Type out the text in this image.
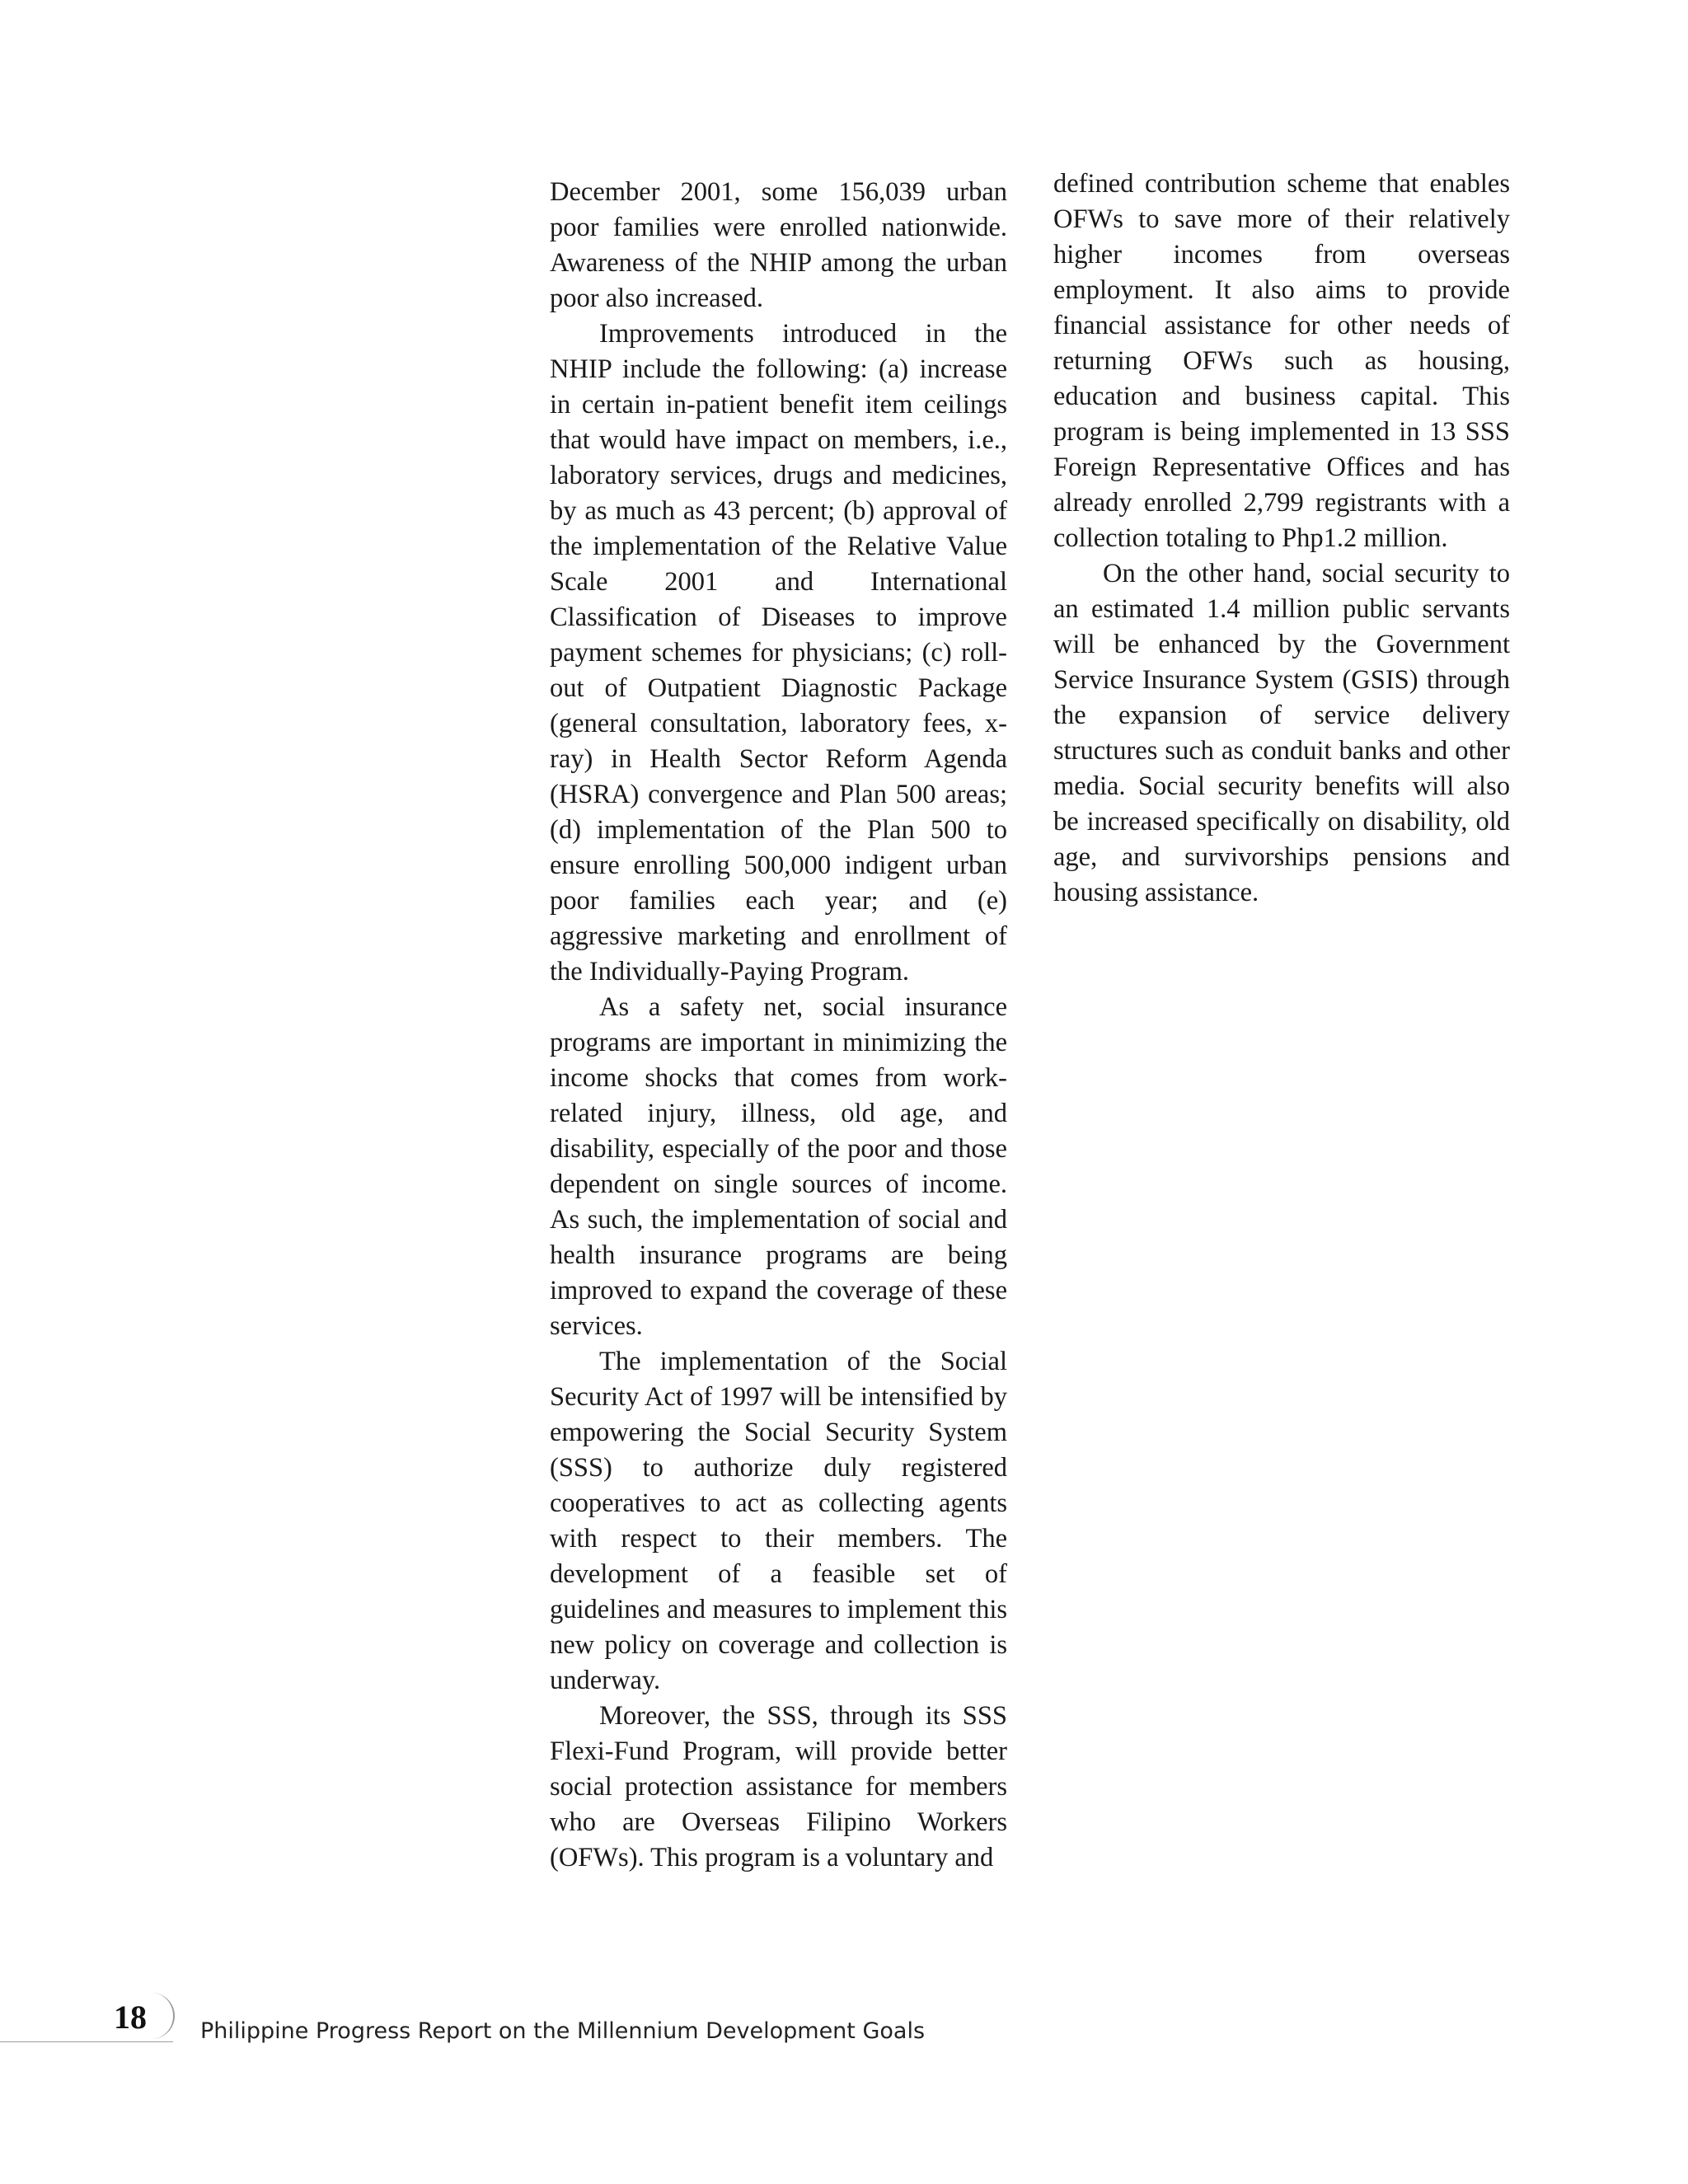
December 2001, some 156,039 urban poor families were enrolled nationwide. Awareness of the NHIP among the urban poor also increased.

Improvements introduced in the NHIP include the following: (a) increase in certain in-patient benefit item ceilings that would have impact on members, i.e., laboratory services, drugs and medicines, by as much as 43 percent; (b) approval of the implementation of the Relative Value Scale 2001 and International Classification of Diseases to improve payment schemes for physicians; (c) roll-out of Outpatient Diagnostic Package (general consultation, laboratory fees, x-ray) in Health Sector Reform Agenda (HSRA) convergence and Plan 500 areas; (d) implementation of the Plan 500 to ensure enrolling 500,000 indigent urban poor families each year; and (e) aggressive marketing and enrollment of the Individually-Paying Program.

As a safety net, social insurance programs are important in minimizing the income shocks that comes from work-related injury, illness, old age, and disability, especially of the poor and those dependent on single sources of income. As such, the implementation of social and health insurance programs are being improved to expand the coverage of these services.

The implementation of the Social Security Act of 1997 will be intensified by empowering the Social Security System (SSS) to authorize duly registered cooperatives to act as collecting agents with respect to their members. The development of a feasible set of guidelines and measures to implement this new policy on coverage and collection is underway.

Moreover, the SSS, through its SSS Flexi-Fund Program, will provide better social protection assistance for members who are Overseas Filipino Workers (OFWs). This program is a voluntary and

defined contribution scheme that enables OFWs to save more of their relatively higher incomes from overseas employment. It also aims to provide financial assistance for other needs of returning OFWs such as housing, education and business capital. This program is being implemented in 13 SSS Foreign Representative Offices and has already enrolled 2,799 registrants with a collection totaling to Php1.2 million.

On the other hand, social security to an estimated 1.4 million public servants will be enhanced by the Government Service Insurance System (GSIS) through the expansion of service delivery structures such as conduit banks and other media. Social security benefits will also be increased specifically on disability, old age, and survivorships pensions and housing assistance.

18 Philippine Progress Report on the Millennium Development Goals
